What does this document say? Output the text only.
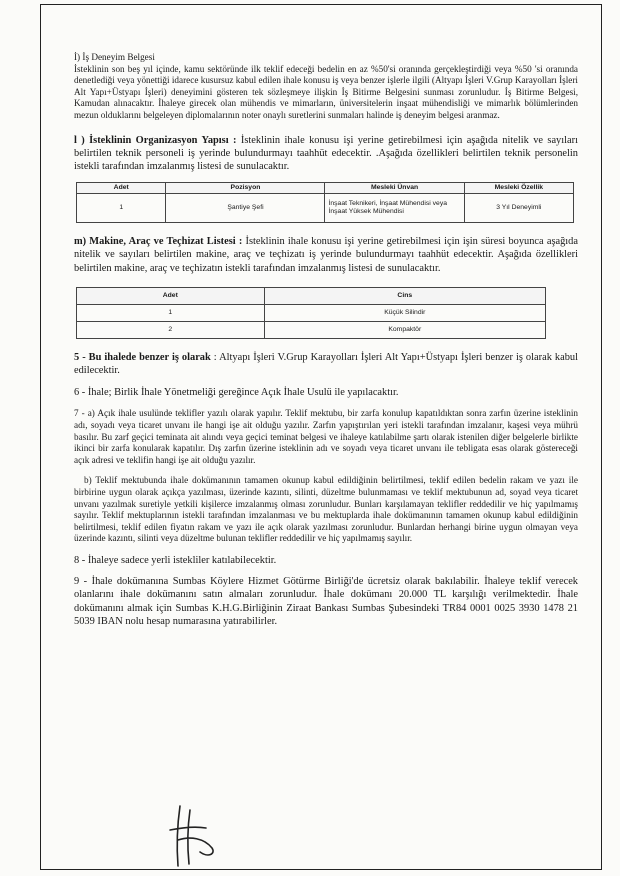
İ) İş Deneyim Belgesi

İsteklinin son beş yıl içinde, kamu sektöründe ilk teklif edeceği bedelin en az %50'si oranında gerçekleştirdiği veya %50 'si oranında denetlediği veya yönettiği idarece kusursuz kabul edilen ihale konusu iş veya benzer işlerle ilgili (Altyapı İşleri V.Grup Karayolları İşleri Alt Yapı+Üstyapı İşleri) deneyimini gösteren tek sözleşmeye ilişkin İş Bitirme Belgesini sunması zorunludur. İş Bitirme Belgesi, Kamudan alınacaktır. İhaleye girecek olan mühendis ve mimarların, üniversitelerin inşaat mühendisliği ve mimarlık bölümlerinden mezun olduklarını belgeleyen diplomalarının noter onaylı suretlerini sunmaları halinde iş deneyim belgesi aranmaz.

l ) İsteklinin Organizasyon Yapısı : İsteklinin ihale konusu işi yerine getirebilmesi için aşağıda nitelik ve sayıları belirtilen teknik personeli iş yerinde bulundurmayı taahhüt edecektir. .Aşağıda özellikleri belirtilen teknik personelin istekli tarafından imzalanmış listesi de sunulacaktır.

Adet	Pozisyon	Mesleki Ünvan	Mesleki Özellik
1	Şantiye Şefi	İnşaat Teknikeri, İnşaat Mühendisi veya İnşaat Yüksek Mühendisi	3 Yıl Deneyimli

m) Makine, Araç ve Teçhizat Listesi : İsteklinin ihale konusu işi yerine getirebilmesi için işin süresi boyunca aşağıda nitelik ve sayıları belirtilen makine, araç ve teçhizatı iş yerinde bulundurmayı taahhüt edecektir. Aşağıda özellikleri belirtilen makine, araç ve teçhizatın istekli tarafından imzalanmış listesi de sunulacaktır.

Adet	Cins
1	Küçük Silindir
2	Kompaktör

5 - Bu ihalede benzer iş olarak : Altyapı İşleri V.Grup Karayolları İşleri Alt Yapı+Üstyapı İşleri benzer iş olarak kabul edilecektir.

6 - İhale; Birlik İhale Yönetmeliği gereğince Açık İhale Usulü ile yapılacaktır.

7 - a) Açık ihale usulünde teklifler yazılı olarak yapılır. Teklif mektubu, bir zarfa konulup kapatıldıktan sonra zarfın üzerine isteklinin adı, soyadı veya ticaret unvanı ile hangi işe ait olduğu yazılır. Zarfın yapıştırılan yeri istekli tarafından imzalanır, kaşesi veya mührü basılır. Bu zarf geçici teminata ait alındı veya geçici teminat belgesi ve ihaleye katılabilme şartı olarak istenilen diğer belgelerle birlikte ikinci bir zarfa konularak kapatılır. Dış zarfın üzerine isteklinin adı ve soyadı veya ticaret unvanı ile tebligata esas olarak göstereceği açık adresi ve teklifin hangi işe ait olduğu yazılır.

b) Teklif mektubunda ihale dokümanının tamamen okunup kabul edildiğinin belirtilmesi, teklif edilen bedelin rakam ve yazı ile birbirine uygun olarak açıkça yazılması, üzerinde kazıntı, silinti, düzeltme bulunmaması ve teklif mektubunun ad, soyad veya ticaret unvanı yazılmak suretiyle yetkili kişilerce imzalanmış olması zorunludur. Bunları karşılamayan teklifler reddedilir ve hiç yapılmamış sayılır. Teklif mektuplarının istekli tarafından imzalanması ve bu mektuplarda ihale dokümanının tamamen okunup kabul edildiğinin belirtilmesi, teklif edilen fiyatın rakam ve yazı ile açık olarak yazılması zorunludur. Bunlardan herhangi birine uygun olmayan veya üzerinde kazıntı, silinti veya düzeltme bulunan teklifler reddedilir ve hiç yapılmamış sayılır.

8 - İhaleye sadece yerli istekliler katılabilecektir.

9 - İhale dokümanına Sumbas Köylere Hizmet Götürme Birliği'de ücretsiz olarak bakılabilir. İhaleye teklif verecek olanlarını ihale dokümanını satın almaları zorunludur. İhale dokümanı 20.000 TL karşılığı verilmektedir. İhale dokümanını almak için Sumbas K.H.G.Birliğinin Ziraat Bankası Sumbas Şubesindeki TR84 0001 0025 3930 1478 21 5039 IBAN nolu hesap numarasına yatırabilirler.
